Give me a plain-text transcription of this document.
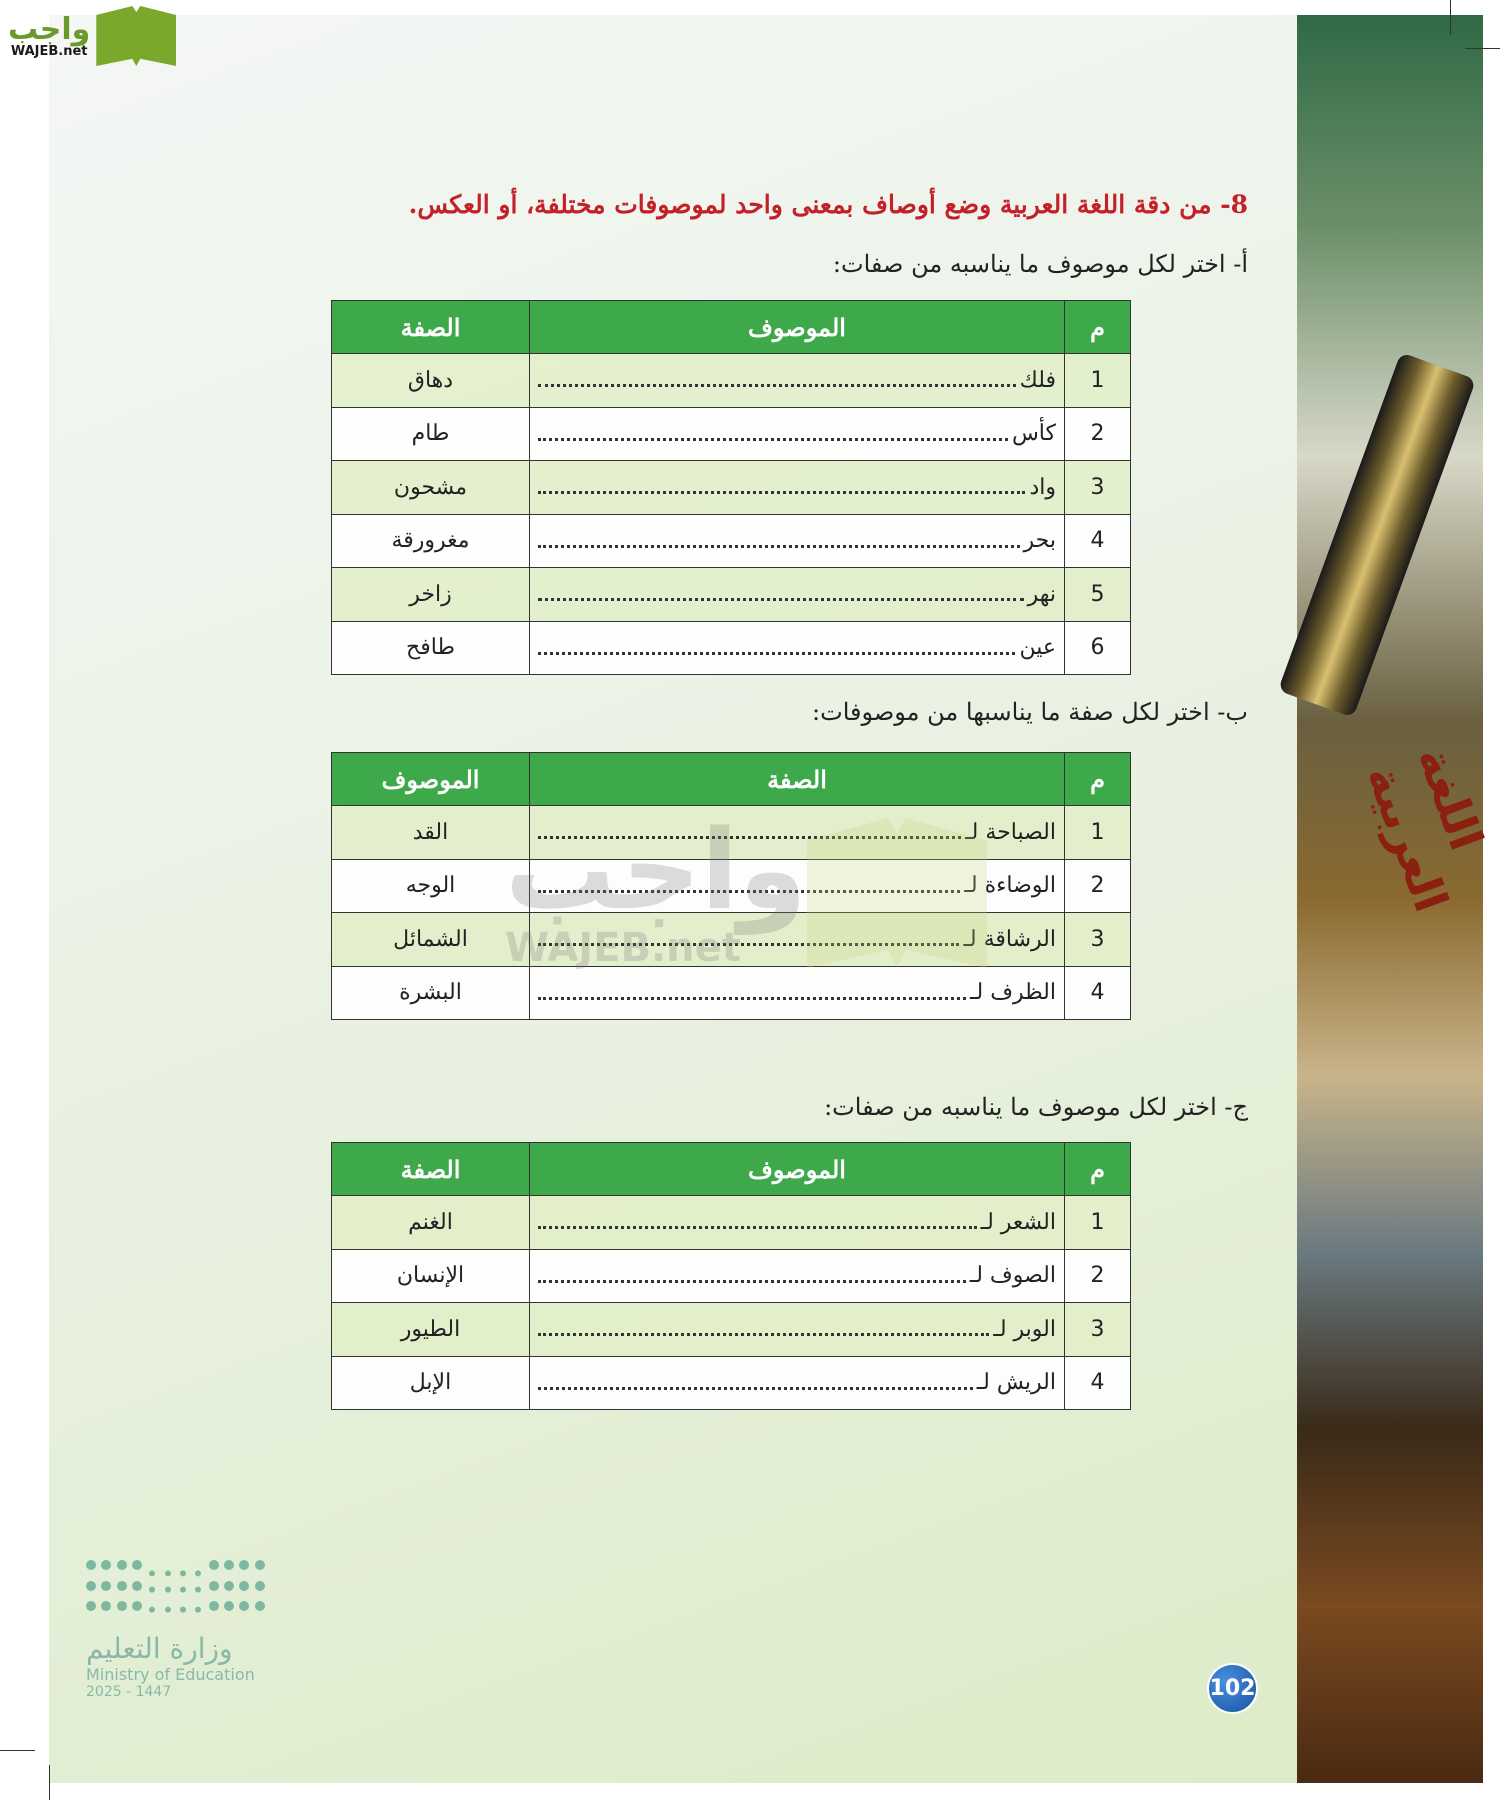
اللغة العربية
واجب
WAJEB.net
8- من دقة اللغة العربية وضع أوصاف بمعنى واحد لموصوفات مختلفة، أو العكس.
أ- اختر لكل موصوف ما يناسبه من صفات:
م	الموصوف	الصفة
1	فلك	دهاق
2	كأس	طام
3	واد	مشحون
4	بحر	مغرورقة
5	نهر	زاخر
6	عين	طافح
ب- اختر لكل صفة ما يناسبها من موصوفات:
م	الصفة	الموصوف
1	الصباحة لـ	القد
2	الوضاءة لـ	الوجه
3	الرشاقة لـ	الشمائل
4	الظرف لـ	البشرة
ج- اختر لكل موصوف ما يناسبه من صفات:
م	الموصوف	الصفة
1	الشعر لـ	الغنم
2	الصوف لـ	الإنسان
3	الوبر لـ	الطيور
4	الريش لـ	الإبل
واجب
WAJEB.net
وزارة التعليم
Ministry of Education
2025 - 1447	102
